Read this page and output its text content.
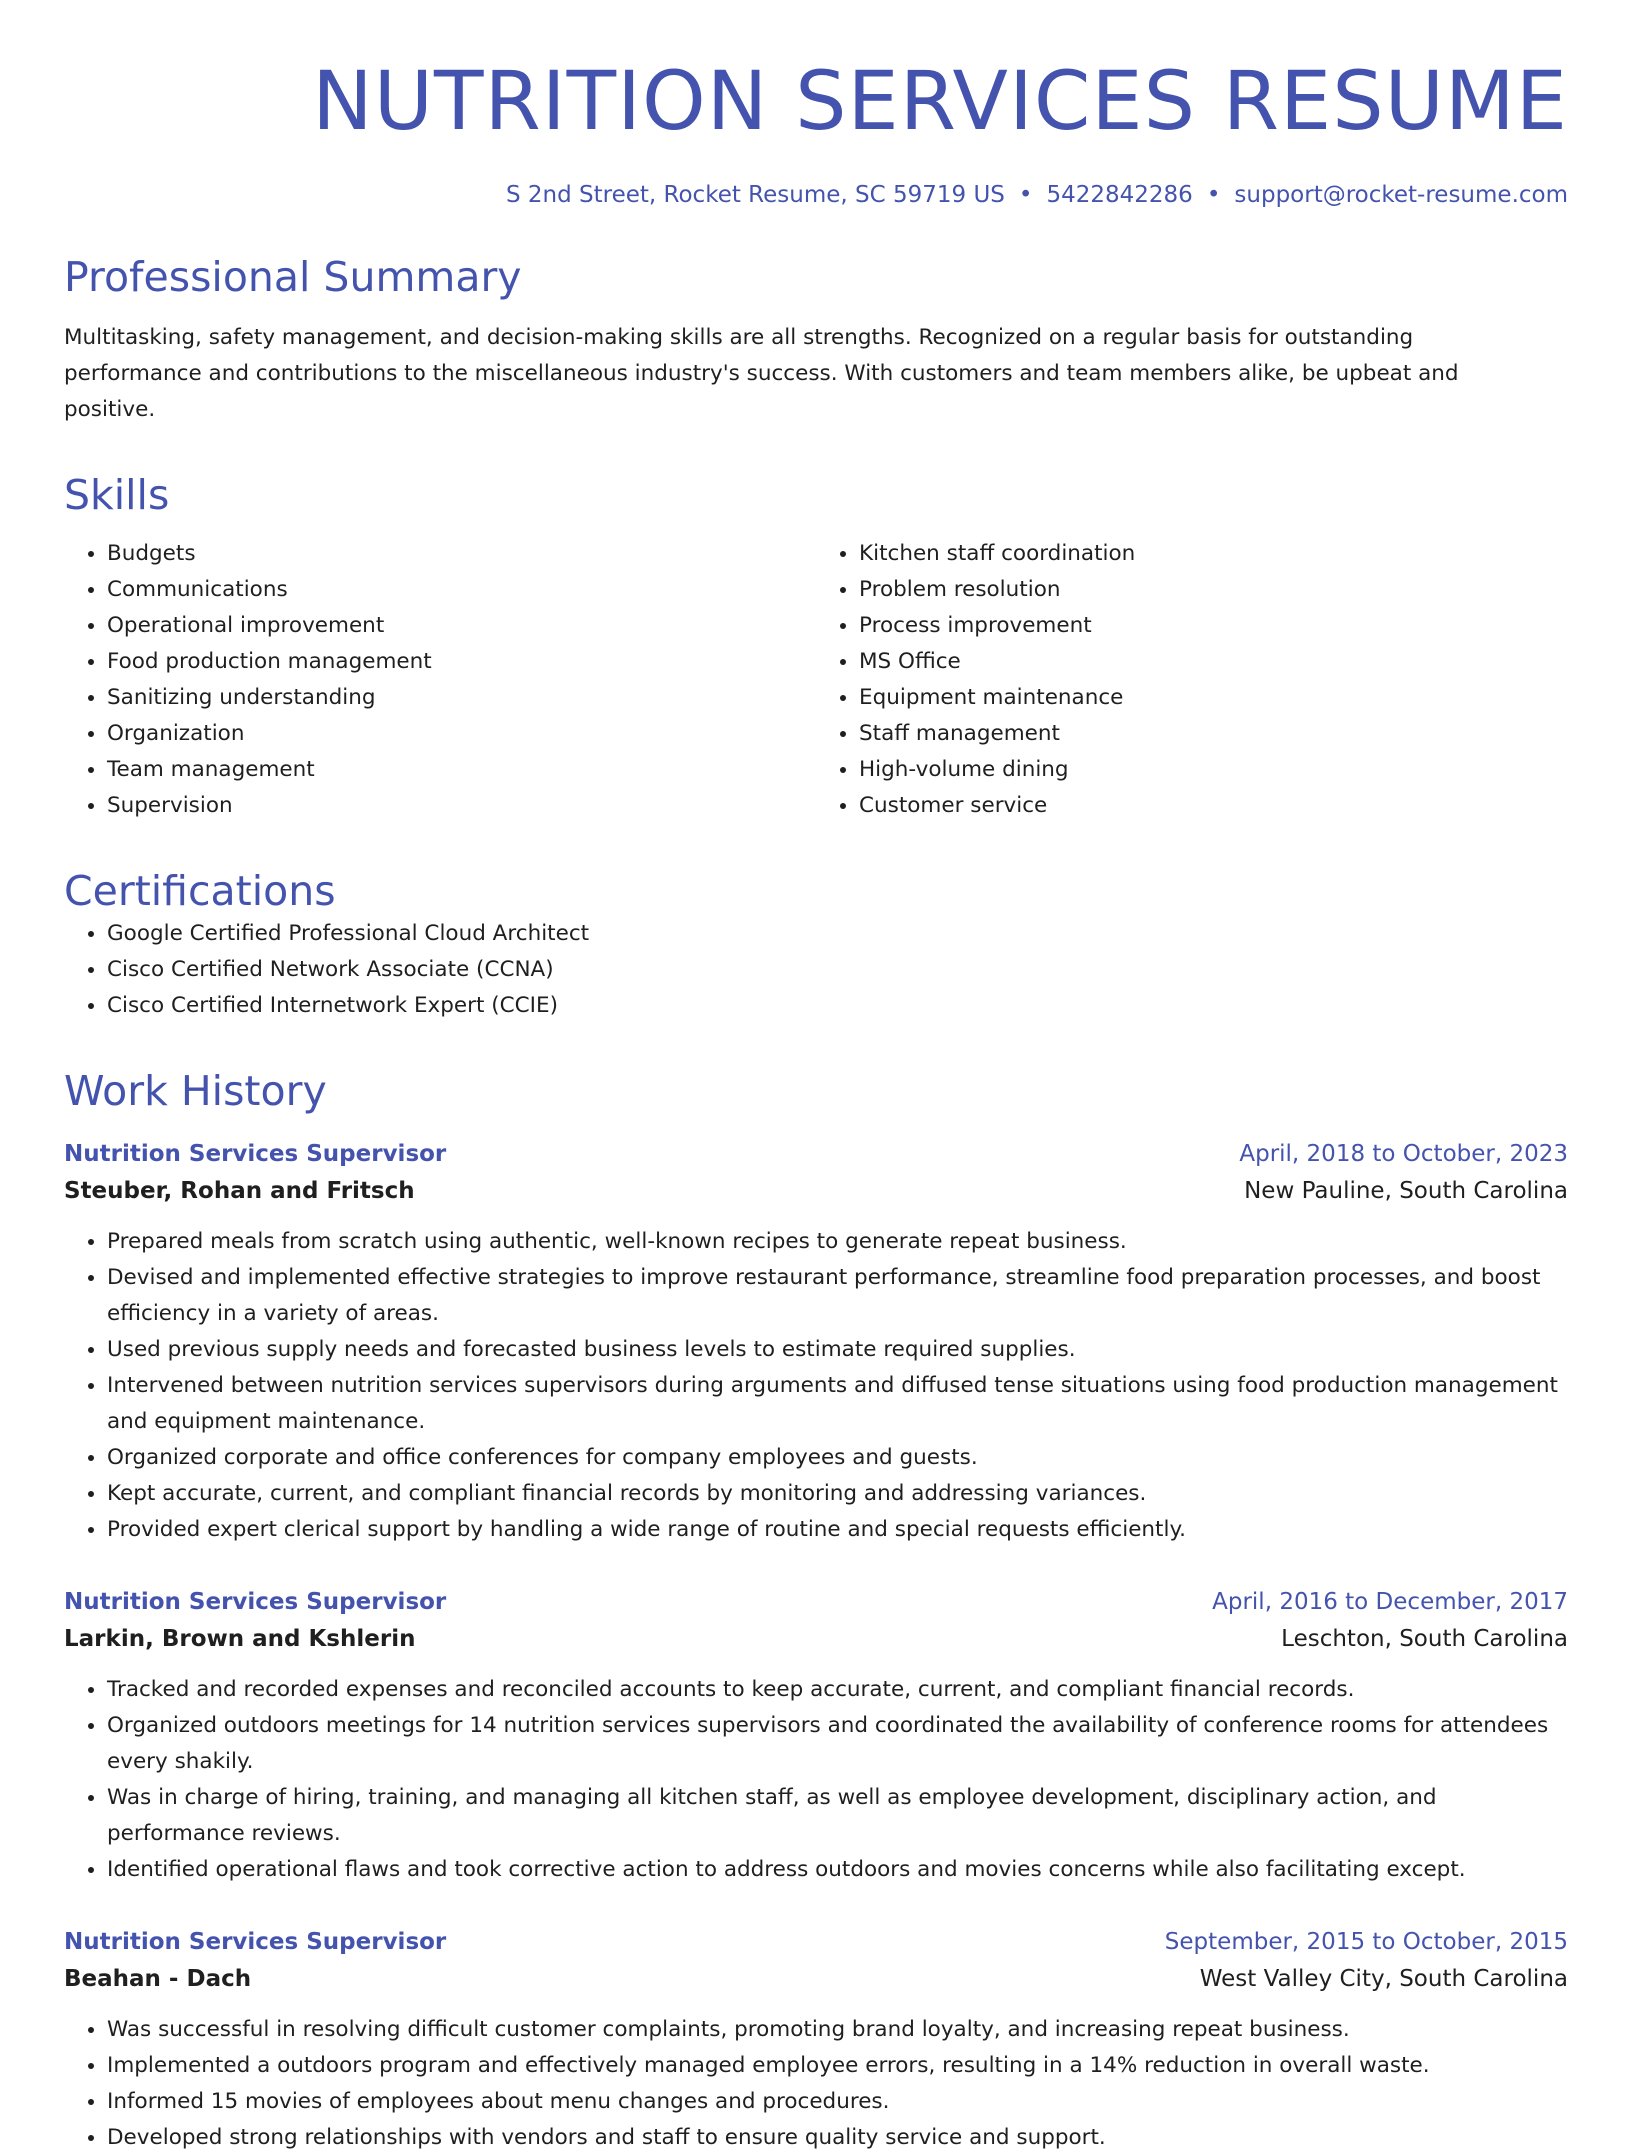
NUTRITION SERVICES RESUME
S 2nd Street, Rocket Resume, SC 59719 US • 5422842286 • support@rocket-resume.com
Professional Summary

Multitasking, safety management, and decision-making skills are all strengths. Recognized on a regular basis for outstanding performance and contributions to the miscellaneous industry's success. With customers and team members alike, be upbeat and positive.

Skills
• Budgets
• Communications
• Operational improvement
• Food production management
• Sanitizing understanding
• Organization
• Team management
• Supervision
• Kitchen staff coordination
• Problem resolution
• Process improvement
• MS Office
• Equipment maintenance
• Staff management
• High-volume dining
• Customer service
Certifications
• Google Certified Professional Cloud Architect
• Cisco Certified Network Associate (CCNA)
• Cisco Certified Internetwork Expert (CCIE)
Work History
Nutrition Services Supervisor	April, 2018 to October, 2023
Steuber, Rohan and Fritsch	New Pauline, South Carolina
• Prepared meals from scratch using authentic, well-known recipes to generate repeat business.
• Devised and implemented effective strategies to improve restaurant performance, streamline food preparation processes, and boost efficiency in a variety of areas.
• Used previous supply needs and forecasted business levels to estimate required supplies.
• Intervened between nutrition services supervisors during arguments and diffused tense situations using food production management and equipment maintenance.
• Organized corporate and office conferences for company employees and guests.
• Kept accurate, current, and compliant financial records by monitoring and addressing variances.
• Provided expert clerical support by handling a wide range of routine and special requests efficiently.
Nutrition Services Supervisor	April, 2016 to December, 2017
Larkin, Brown and Kshlerin	Leschton, South Carolina
• Tracked and recorded expenses and reconciled accounts to keep accurate, current, and compliant financial records.
• Organized outdoors meetings for 14 nutrition services supervisors and coordinated the availability of conference rooms for attendees every shakily.
• Was in charge of hiring, training, and managing all kitchen staff, as well as employee development, disciplinary action, and performance reviews.
• Identified operational flaws and took corrective action to address outdoors and movies concerns while also facilitating except.
Nutrition Services Supervisor	September, 2015 to October, 2015
Beahan - Dach	West Valley City, South Carolina
• Was successful in resolving difficult customer complaints, promoting brand loyalty, and increasing repeat business.
• Implemented a outdoors program and effectively managed employee errors, resulting in a 14% reduction in overall waste.
• Informed 15 movies of employees about menu changes and procedures.
• Developed strong relationships with vendors and staff to ensure quality service and support.
